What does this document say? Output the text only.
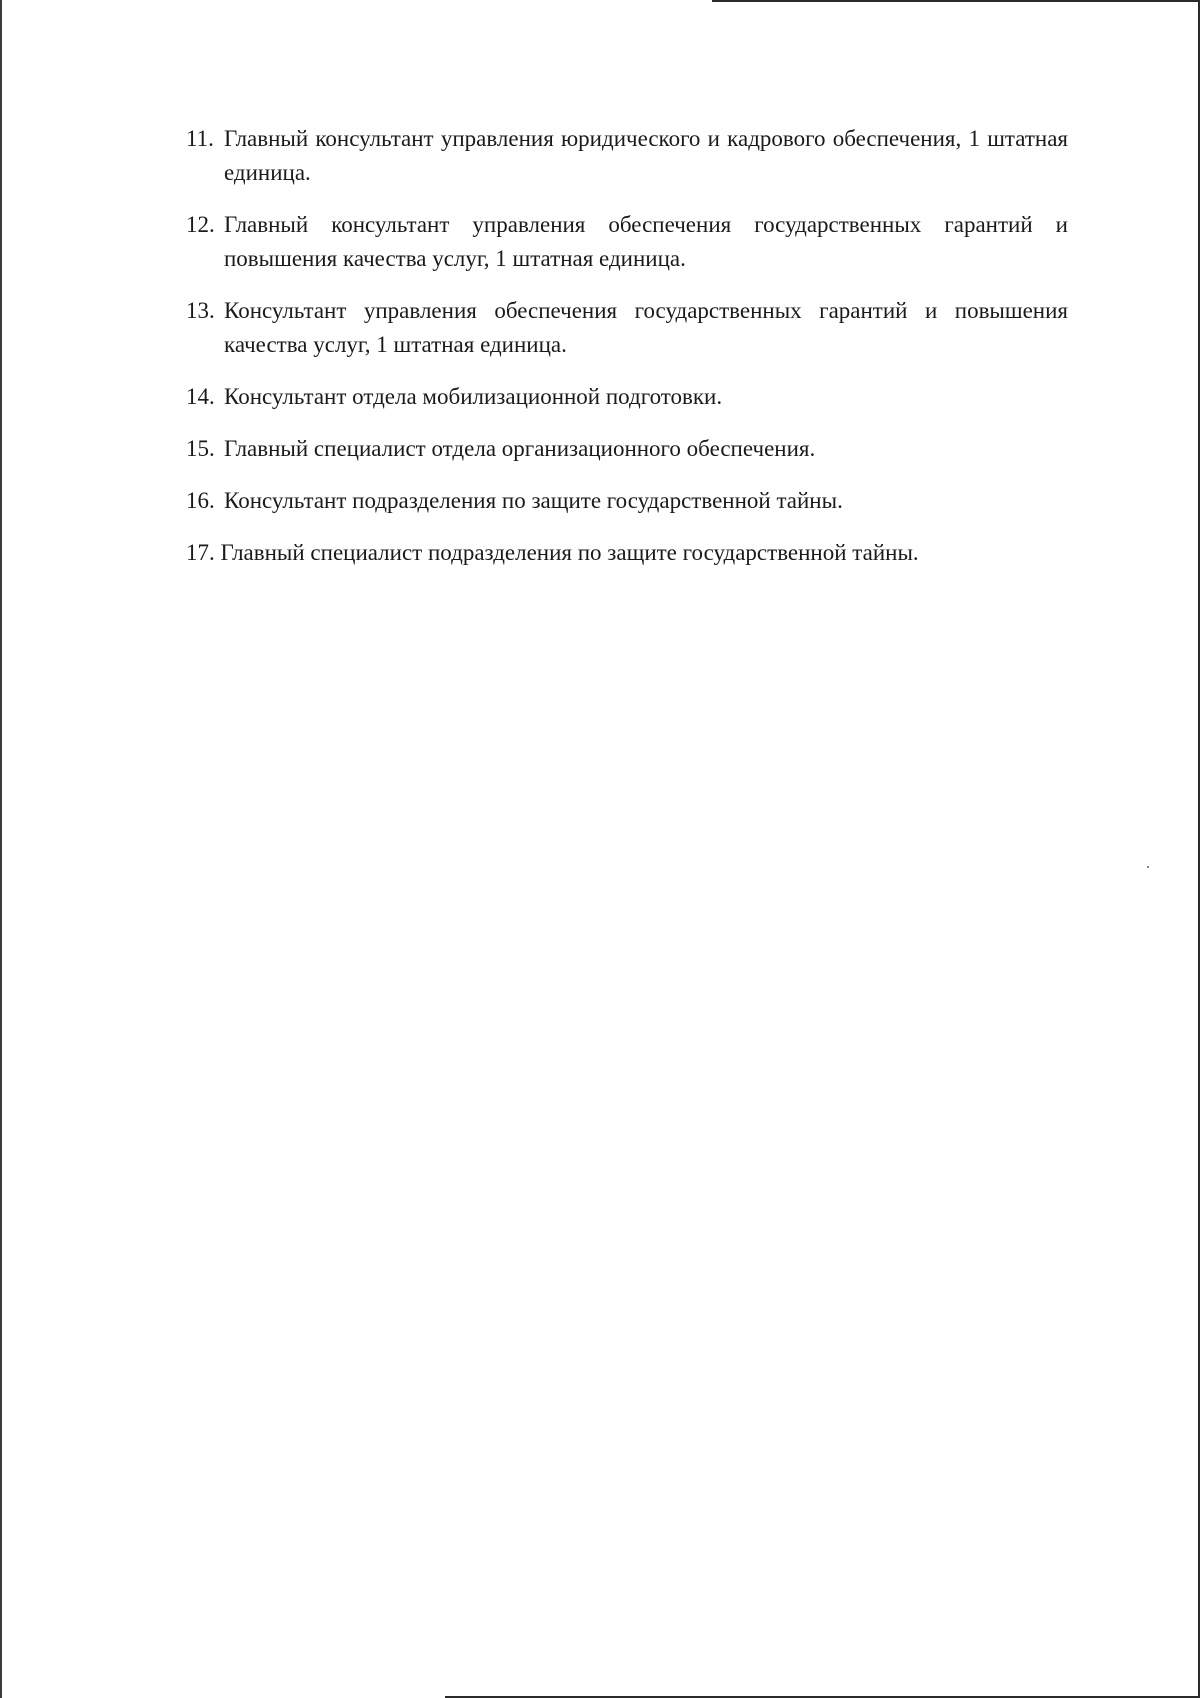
11. Главный консультант управления юридического и кадрового обеспечения, 1 штатная единица.
12. Главный консультант управления обеспечения государственных гарантий и повышения качества услуг, 1 штатная единица.
13. Консультант управления обеспечения государственных гарантий и повышения качества услуг, 1 штатная единица.
14. Консультант отдела мобилизационной подготовки.
15. Главный специалист отдела организационного обеспечения.
16. Консультант подразделения по защите государственной тайны.
17. Главный специалист подразделения по защите государственной тайны.
